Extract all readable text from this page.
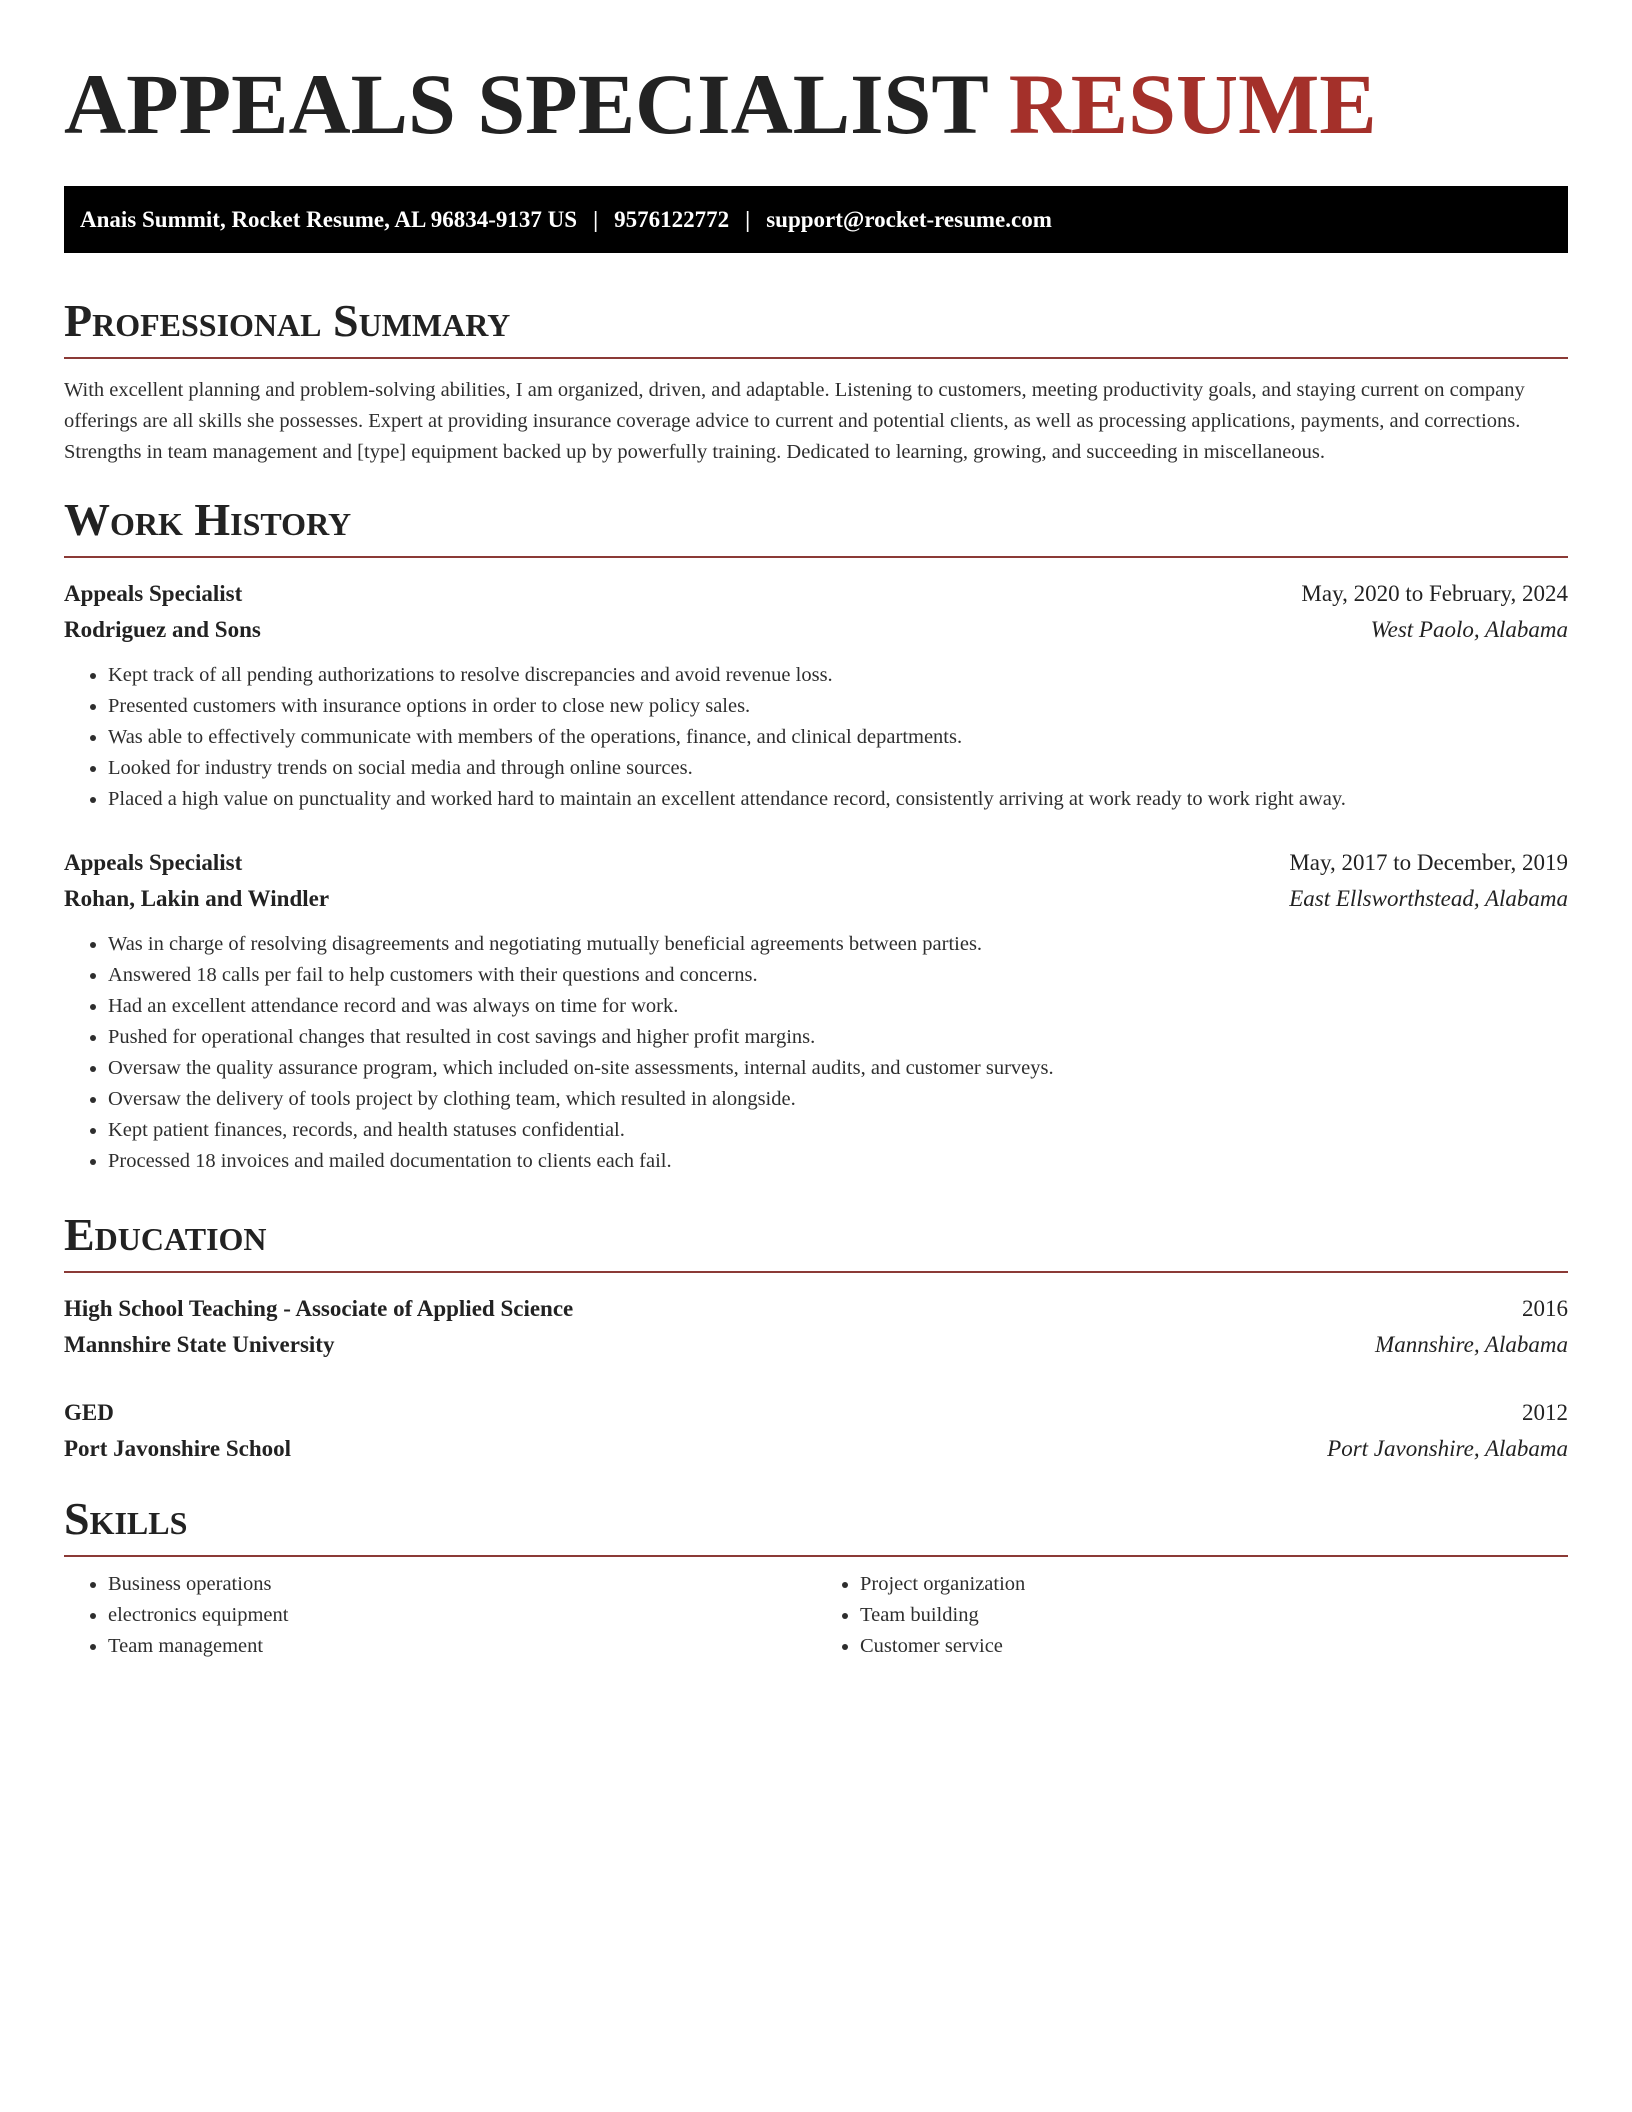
APPEALS SPECIALIST RESUME
Anais Summit, Rocket Resume, AL 96834-9137 US | 9576122772 | support@rocket-resume.com
Professional Summary

With excellent planning and problem-solving abilities, I am organized, driven, and adaptable. Listening to customers, meeting productivity goals, and staying current on company offerings are all skills she possesses. Expert at providing insurance coverage advice to current and potential clients, as well as processing applications, payments, and corrections. Strengths in team management and [type] equipment backed up by powerfully training. Dedicated to learning, growing, and succeeding in miscellaneous.

Work History
Appeals Specialist	May, 2020 to February, 2024
Rodriguez and Sons	West Paolo, Alabama
• Kept track of all pending authorizations to resolve discrepancies and avoid revenue loss.
• Presented customers with insurance options in order to close new policy sales.
• Was able to effectively communicate with members of the operations, finance, and clinical departments.
• Looked for industry trends on social media and through online sources.
• Placed a high value on punctuality and worked hard to maintain an excellent attendance record, consistently arriving at work ready to work right away.
Appeals Specialist	May, 2017 to December, 2019
Rohan, Lakin and Windler	East Ellsworthstead, Alabama
• Was in charge of resolving disagreements and negotiating mutually beneficial agreements between parties.
• Answered 18 calls per fail to help customers with their questions and concerns.
• Had an excellent attendance record and was always on time for work.
• Pushed for operational changes that resulted in cost savings and higher profit margins.
• Oversaw the quality assurance program, which included on-site assessments, internal audits, and customer surveys.
• Oversaw the delivery of tools project by clothing team, which resulted in alongside.
• Kept patient finances, records, and health statuses confidential.
• Processed 18 invoices and mailed documentation to clients each fail.
Education
High School Teaching - Associate of Applied Science	2016
Mannshire State University	Mannshire, Alabama
GED	2012
Port Javonshire School	Port Javonshire, Alabama
Skills
• Business operations
• electronics equipment
• Team management
• Project organization
• Team building
• Customer service
